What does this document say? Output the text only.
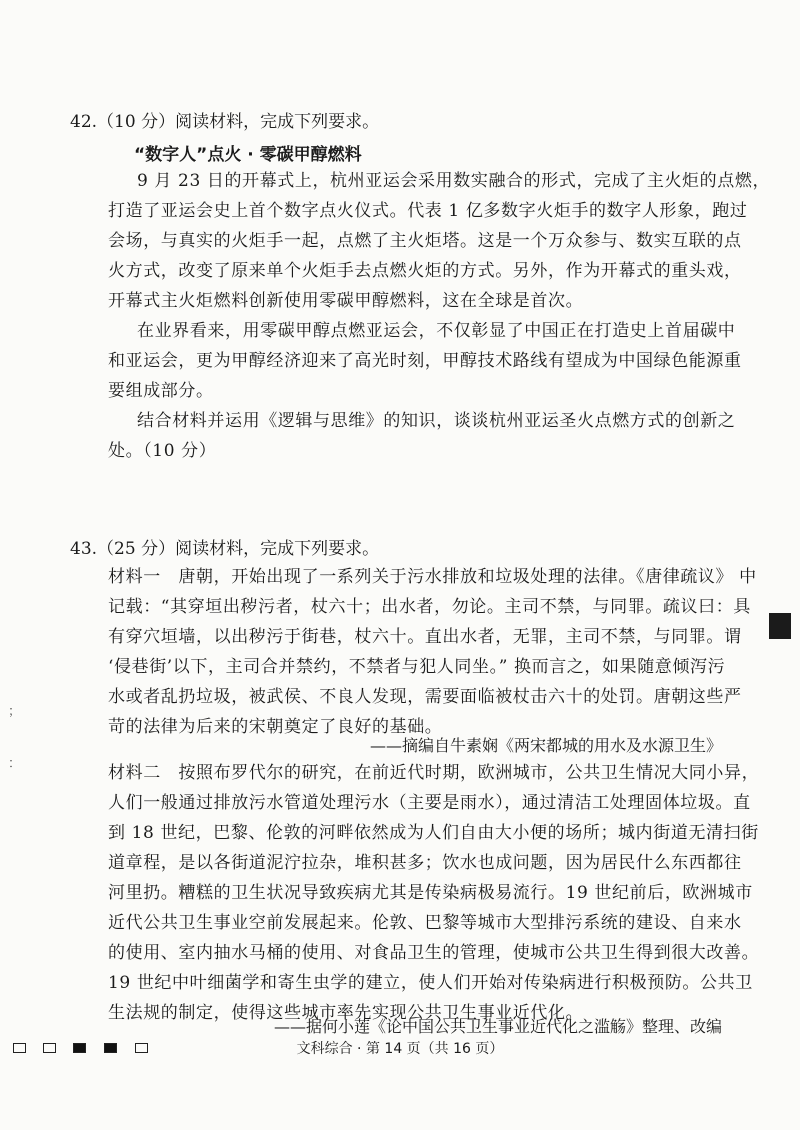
42.（10 分）阅读材料，完成下列要求。
“数字人”点火 · 零碳甲醇燃料
9 月 23 日的开幕式上，杭州亚运会采用数实融合的形式，完成了主火炬的点燃，
打造了亚运会史上首个数字点火仪式。代表 1 亿多数字火炬手的数字人形象，跑过
会场，与真实的火炬手一起，点燃了主火炬塔。这是一个万众参与、数实互联的点
火方式，改变了原来单个火炬手去点燃火炬的方式。另外，作为开幕式的重头戏，
开幕式主火炬燃料创新使用零碳甲醇燃料，这在全球是首次。
在业界看来，用零碳甲醇点燃亚运会，不仅彰显了中国正在打造史上首届碳中
和亚运会，更为甲醇经济迎来了高光时刻，甲醇技术路线有望成为中国绿色能源重
要组成部分。
结合材料并运用《逻辑与思维》的知识，谈谈杭州亚运圣火点燃方式的创新之
处。（10 分）
43.（25 分）阅读材料，完成下列要求。
材料一　唐朝，开始出现了一系列关于污水排放和垃圾处理的法律。《唐律疏议》 中
记载：“其穿垣出秽污者，杖六十；出水者，勿论。主司不禁，与同罪。疏议曰：具
有穿穴垣墙，以出秽污于街巷，杖六十。直出水者，无罪，主司不禁，与同罪。谓
‘侵巷街’以下，主司合并禁约，不禁者与犯人同坐。” 换而言之，如果随意倾泻污
水或者乱扔垃圾，被武侯、不良人发现，需要面临被杖击六十的处罚。唐朝这些严
苛的法律为后来的宋朝奠定了良好的基础。
——摘编自牛素娴《两宋都城的用水及水源卫生》
材料二　按照布罗代尔的研究，在前近代时期，欧洲城市，公共卫生情况大同小异，
人们一般通过排放污水管道处理污水（主要是雨水），通过清洁工处理固体垃圾。直
到 18 世纪，巴黎、伦敦的河畔依然成为人们自由大小便的场所；城内街道无清扫街
道章程，是以各街道泥泞拉杂，堆积甚多；饮水也成问题，因为居民什么东西都往
河里扔。糟糕的卫生状况导致疾病尤其是传染病极易流行。19 世纪前后，欧洲城市
近代公共卫生事业空前发展起来。伦敦、巴黎等城市大型排污系统的建设、自来水
的使用、室内抽水马桶的使用、对食品卫生的管理，使城市公共卫生得到很大改善。
19 世纪中叶细菌学和寄生虫学的建立，使人们开始对传染病进行积极预防。公共卫
生法规的制定，使得这些城市率先实现公共卫生事业近代化。
——据何小莲《论中国公共卫生事业近代化之滥觞》整理、改编
﹔
﹕
文科综合 · 第 14 页（共 16 页）
